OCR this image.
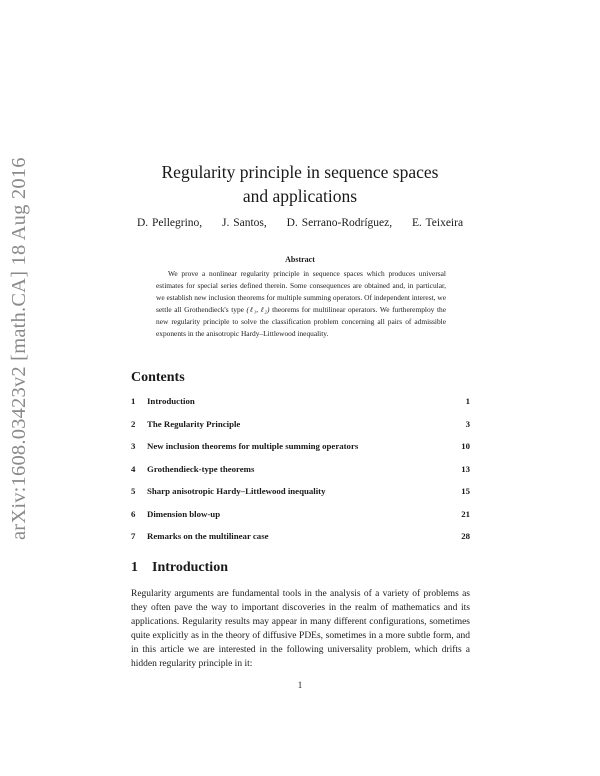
arXiv:1608.03423v2 [math.CA] 18 Aug 2016	Regularity principle in sequence spaces
and applications
D. Pellegrino, J. Santos, D. Serrano-Rodríguez, E. Teixeira
Abstract

We prove a nonlinear regularity principle in sequence spaces which produces universal estimates for special series defined therein. Some consequences are obtained and, in particular, we establish new inclusion theorems for multiple summing operators. Of independent interest, we settle all Grothendieck's type (ℓ₁, ℓ₂) theorems for multilinear operators. We furtheremploy the new regularity principle to solve the classification problem concerning all pairs of admissible exponents in the anisotropic Hardy–Littlewood inequality.

Contents
1 Introduction	1
2 The Regularity Principle	3
3 New inclusion theorems for multiple summing operators	10
4 Grothendieck-type theorems	13
5 Sharp anisotropic Hardy–Littlewood inequality	15
6 Dimension blow-up	21
7 Remarks on the multilinear case	28
1 Introduction
Regularity arguments are fundamental tools in the analysis of a variety of problems as they often pave the way to important discoveries in the realm of mathematics and its applications. Regularity results may appear in many different configurations, sometimes quite explicitly as in the theory of diffusive PDEs, sometimes in a more subtle form, and in this article we are interested in the following universality problem, which drifts a hidden regularity principle in it:
1
